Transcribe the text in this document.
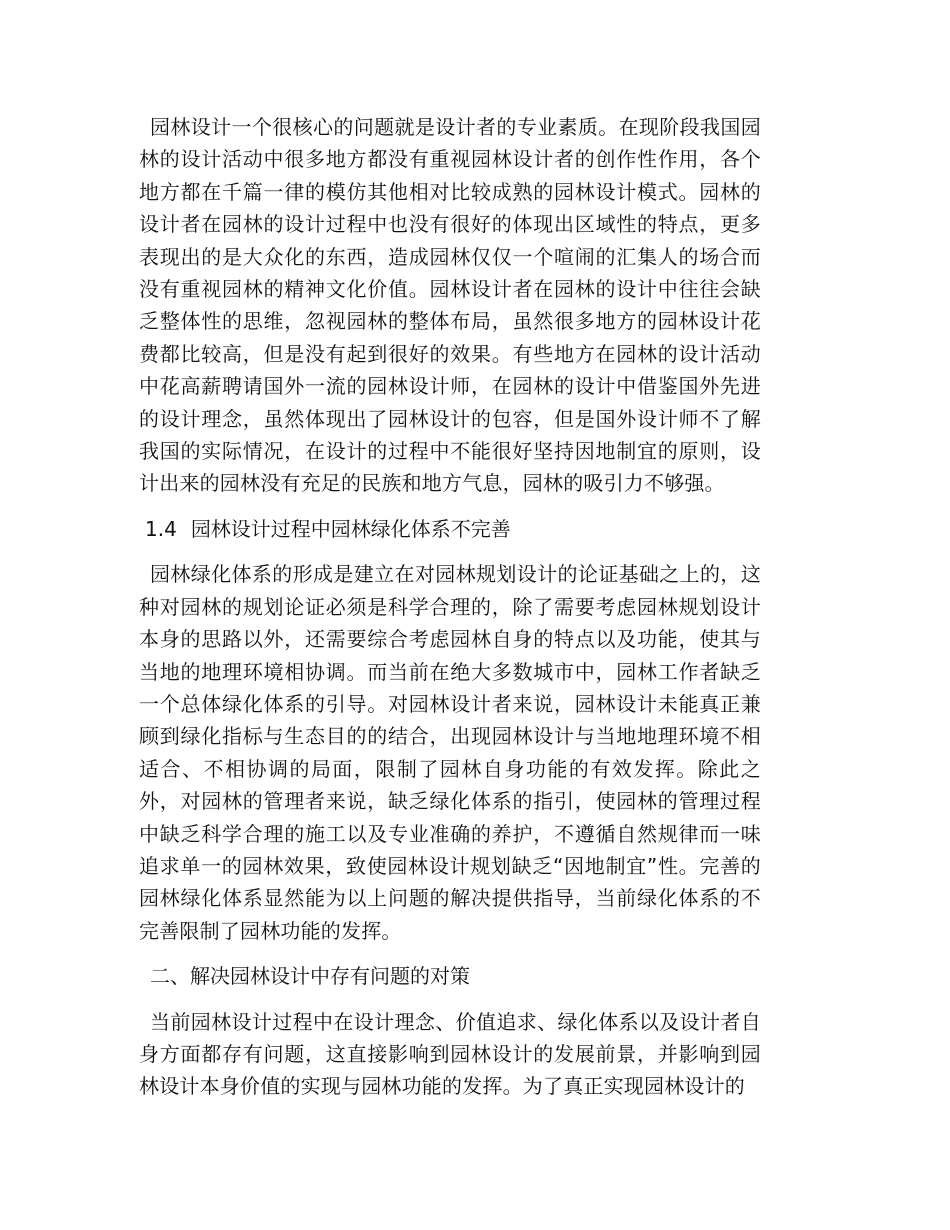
园林设计一个很核心的问题就是设计者的专业素质。在现阶段我国园林的设计活动中很多地方都没有重视园林设计者的创作性作用，各个地方都在千篇一律的模仿其他相对比较成熟的园林设计模式。园林的设计者在园林的设计过程中也没有很好的体现出区域性的特点，更多表现出的是大众化的东西，造成园林仅仅一个喧闹的汇集人的场合而没有重视园林的精神文化价值。园林设计者在园林的设计中往往会缺乏整体性的思维，忽视园林的整体布局，虽然很多地方的园林设计花费都比较高，但是没有起到很好的效果。有些地方在园林的设计活动中花高薪聘请国外一流的园林设计师，在园林的设计中借鉴国外先进的设计理念，虽然体现出了园林设计的包容，但是国外设计师不了解我国的实际情况，在设计的过程中不能很好坚持因地制宜的原则，设计出来的园林没有充足的民族和地方气息，园林的吸引力不够强。

1.4 园林设计过程中园林绿化体系不完善

园林绿化体系的形成是建立在对园林规划设计的论证基础之上的，这种对园林的规划论证必须是科学合理的，除了需要考虑园林规划设计本身的思路以外，还需要综合考虑园林自身的特点以及功能，使其与当地的地理环境相协调。而当前在绝大多数城市中，园林工作者缺乏一个总体绿化体系的引导。对园林设计者来说，园林设计未能真正兼顾到绿化指标与生态目的的结合，出现园林设计与当地地理环境不相适合、不相协调的局面，限制了园林自身功能的有效发挥。除此之外，对园林的管理者来说，缺乏绿化体系的指引，使园林的管理过程中缺乏科学合理的施工以及专业准确的养护，不遵循自然规律而一味追求单一的园林效果，致使园林设计规划缺乏“因地制宜”性。完善的园林绿化体系显然能为以上问题的解决提供指导，当前绿化体系的不完善限制了园林功能的发挥。

二、解决园林设计中存有问题的对策

当前园林设计过程中在设计理念、价值追求、绿化体系以及设计者自身方面都存有问题，这直接影响到园林设计的发展前景，并影响到园林设计本身价值的实现与园林功能的发挥。为了真正实现园林设计的
